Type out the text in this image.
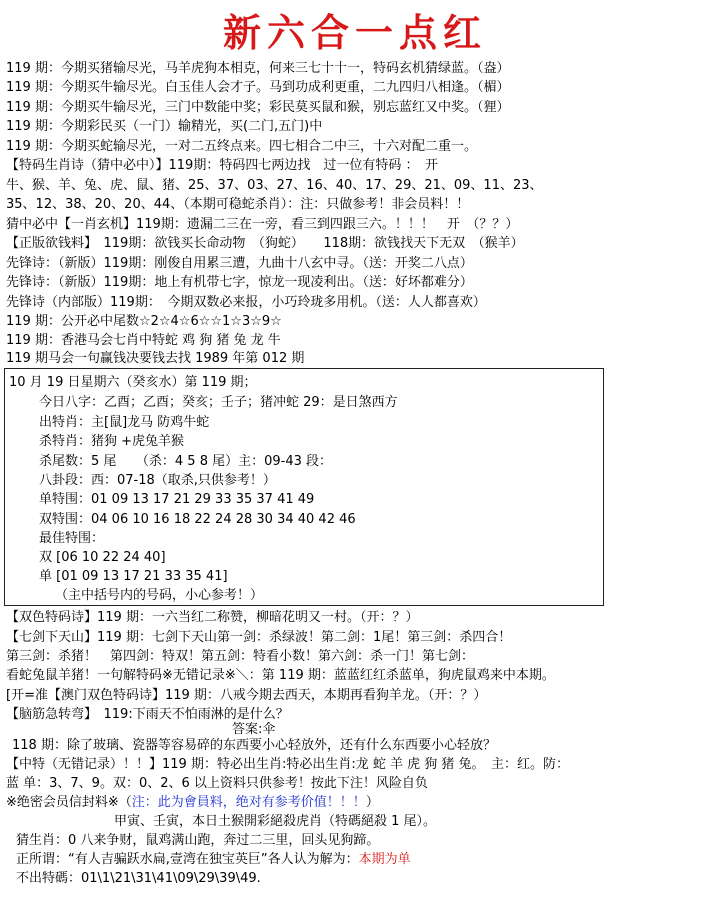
新六合一点红
119 期：今期买猪输尽光，马羊虎狗本相克，何来三七十十一，特码玄机猜绿蓝。（盎）
119 期：今期买牛输尽光。白玉佳人会才子。马到功成利更重，二九四归八相逢。（楣）
119 期：今期买牛输尽光，三门中数能中奖；彩民莫买鼠和猴，别忘蓝红又中奖。（狸）
119 期：今期彩民买（一门）输精光，买(二门,五门)中
119 期：今期买蛇输尽光，一对二五终点来。四七相合二中三，十六对配二重一。
【特码生肖诗（猜中必中）】119期：特码四七两边找　过一位有特码 ：　开
牛、猴、羊、兔、虎、鼠、猪、25、37、03、27、16、40、17、29、21、09、11、23、
35、12、38、20、20、44、（本期可稳蛇杀肖）：注：只做参考！非会员料！！
猜中必中【一肖玄机】119期：遗漏二三在一旁，看三到四跟三六。！！！　开　（？？）
【正版欲钱料】　119期：欲钱买长命动物　（狗蛇）　　118期：欲钱找天下无双　（猴羊）
先锋诗：（新版）119期：刚俊自用累三遭，九曲十八玄中寻。（送：开奖二八点）
先锋诗：（新版）119期：地上有机带七字，惊龙一现凌利出。（送：好坏都难分）
先锋诗（内部版）119期：　今期双数必来报，小巧玲珑多用机。（送：人人都喜欢）
119 期：公开必中尾数☆2☆4☆6☆☆1☆3☆9☆
119 期：香港马会七肖中特蛇 鸡 狗 猪 兔 龙 牛
119 期马会一句赢钱决要钱去找 1989 年第 012 期
10 月 19 日星期六（癸亥水）第 119 期；
今日八字：乙酉；乙酉；癸亥；壬子；猪冲蛇 29：是日煞西方
出特肖：主[鼠]龙马 防鸡牛蛇
杀特肖：猪狗 +虎兔羊猴
杀尾数：5 尾　　（杀：4 5 8 尾）主：09-43 段：
八卦段：西：07-18（取杀,只供参考！）
单特围：01 09 13 17 21 29 33 35 37 41 49
双特围：04 06 10 16 18 22 24 28 30 34 40 42 46
最佳特围：
双 [06 10 22 24 40]
单 [01 09 13 17 21 33 35 41]
（主中括号内的号码，小心参考！）
【双色特码诗】119 期：一六当红二称赞，柳暗花明又一村。（开：？）
【七剑下天山】119 期：七剑下天山第一剑：杀绿波！第二剑：1尾！第三剑：杀四合！
第三剑：杀猪！　第四剑：特双！第五剑：特看小数！第六剑：杀一门！第七剑：
看蛇兔鼠羊猪！一句解特码※无错记录※＼：第 119 期：蓝蓝红红杀蓝单，狗虎鼠鸡来中本期。
[开=准【澳门双色特码诗】119 期：八戒今期去西天，本期再看狗羊龙。（开：？）
【脑筋急转弯】　119:下雨天不怕雨淋的是什么？
答案:伞
118 期：除了玻璃、瓷器等容易碎的东西要小心轻放外，还有什么东西要小心轻放？
【中特（无错记录）！！】119 期：特必出生肖:特必出生肖:龙 蛇 羊 虎 狗 猪 兔。　主：红。防：
蓝 单：3、7、9。双：0、2、6 以上资料只供参考！按此下注！风险自负
※绝密会员信封料※（注：此为會員料，绝对有参考价值！！！）
甲寅、壬寅，本日土猴開彩絕殺虎肖（特碼絕殺 1 尾）。
猜生肖：0 八来争财，鼠鸡满山跑，奔过二三里，回头见狗蹄。
正所谓：“有人吉骗跃水扁,壹湾在独宝英巨”各人认为解为：本期为单
不出特碼：01\1\21\31\41\09\29\39\49.
